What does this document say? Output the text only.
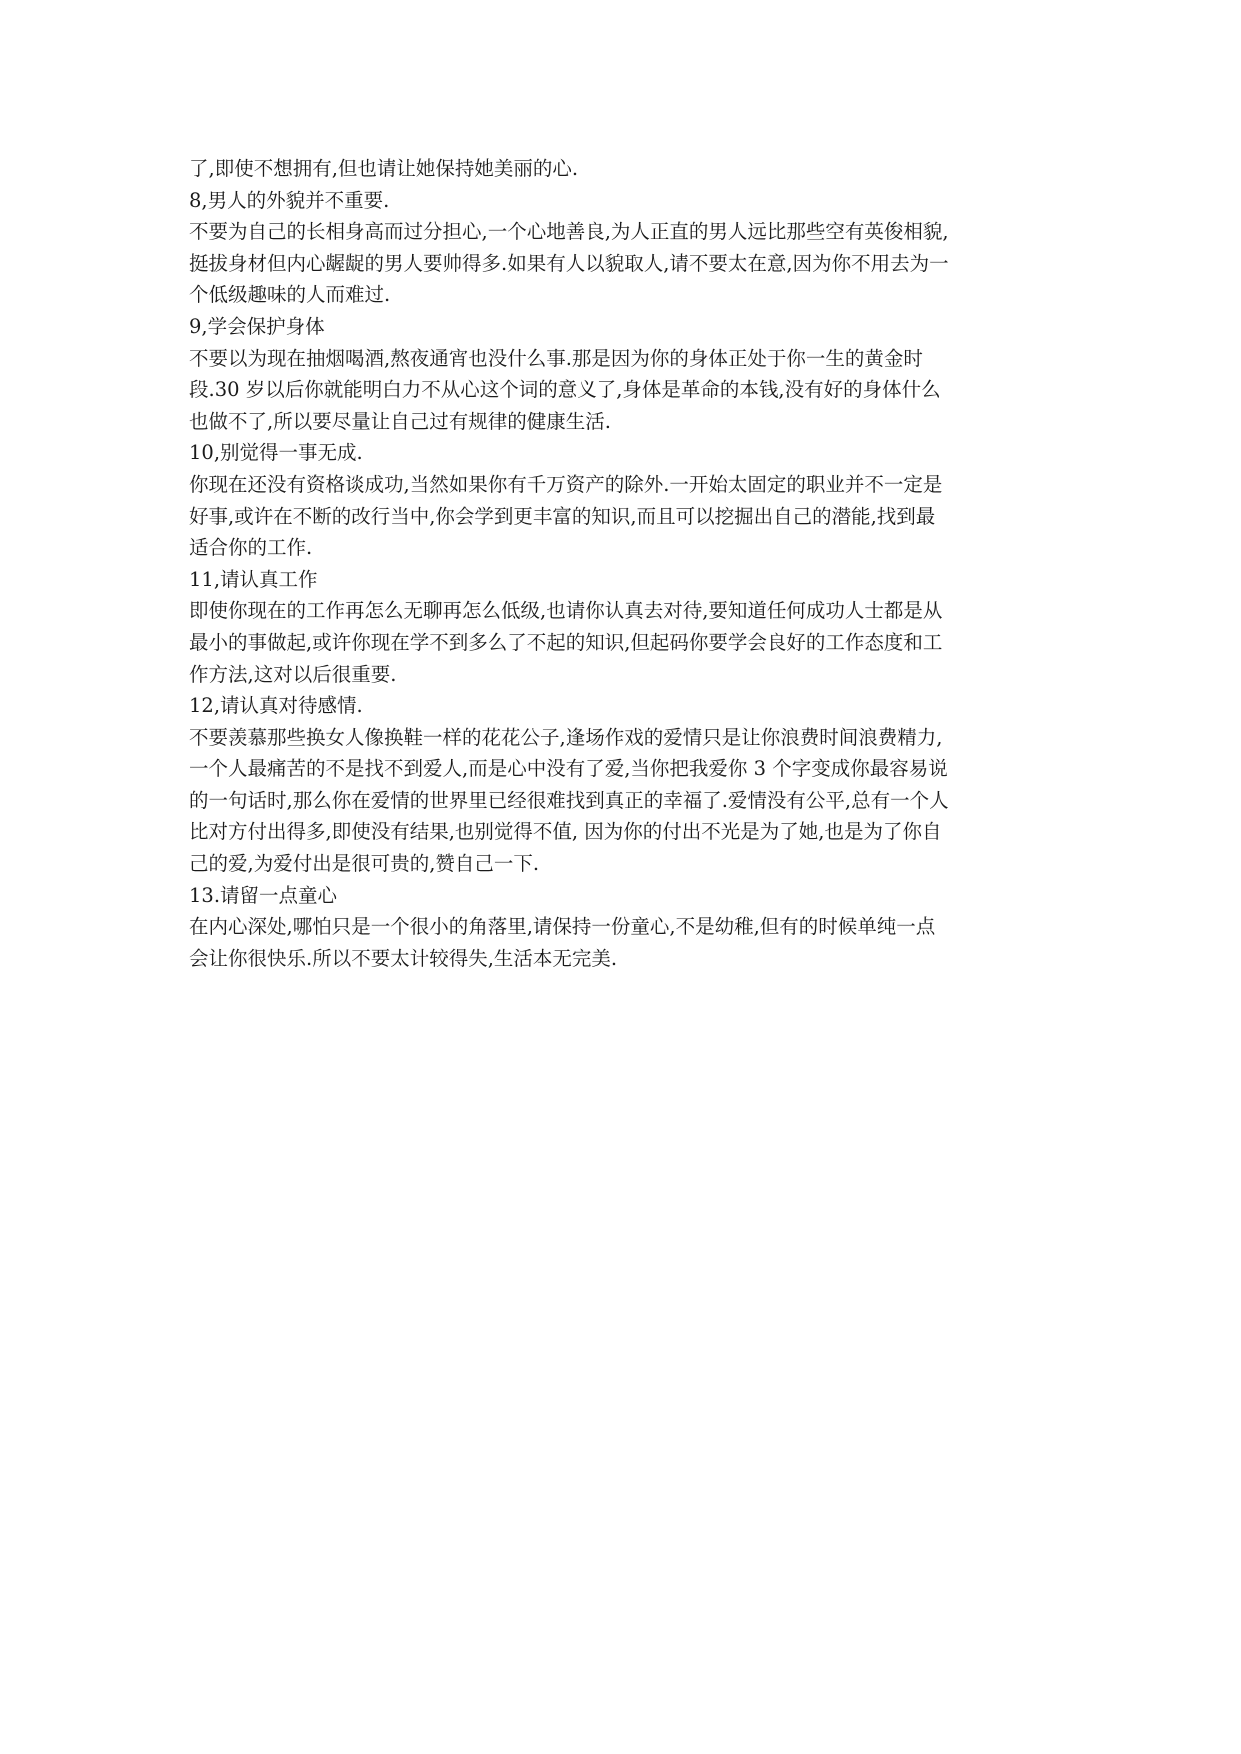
了,即使不想拥有,但也请让她保持她美丽的心.
8,男人的外貌并不重要.
不要为自己的长相身高而过分担心,一个心地善良,为人正直的男人远比那些空有英俊相貌,
挺拔身材但内心龌龊的男人要帅得多.如果有人以貌取人,请不要太在意,因为你不用去为一
个低级趣味的人而难过.
9,学会保护身体
不要以为现在抽烟喝酒,熬夜通宵也没什么事.那是因为你的身体正处于你一生的黄金时
段.30 岁以后你就能明白力不从心这个词的意义了,身体是革命的本钱,没有好的身体什么
也做不了,所以要尽量让自己过有规律的健康生活.
10,别觉得一事无成.
你现在还没有资格谈成功,当然如果你有千万资产的除外.一开始太固定的职业并不一定是
好事,或许在不断的改行当中,你会学到更丰富的知识,而且可以挖掘出自己的潜能,找到最
适合你的工作.
11,请认真工作
即使你现在的工作再怎么无聊再怎么低级,也请你认真去对待,要知道任何成功人士都是从
最小的事做起,或许你现在学不到多么了不起的知识,但起码你要学会良好的工作态度和工
作方法,这对以后很重要.
12,请认真对待感情.
不要羡慕那些换女人像换鞋一样的花花公子,逢场作戏的爱情只是让你浪费时间浪费精力,
一个人最痛苦的不是找不到爱人,而是心中没有了爱,当你把我爱你 3 个字变成你最容易说
的一句话时,那么你在爱情的世界里已经很难找到真正的幸福了.爱情没有公平,总有一个人
比对方付出得多,即使没有结果,也别觉得不值, 因为你的付出不光是为了她,也是为了你自
己的爱,为爱付出是很可贵的,赞自己一下.
13.请留一点童心
在内心深处,哪怕只是一个很小的角落里,请保持一份童心,不是幼稚,但有的时候单纯一点
会让你很快乐.所以不要太计较得失,生活本无完美.
